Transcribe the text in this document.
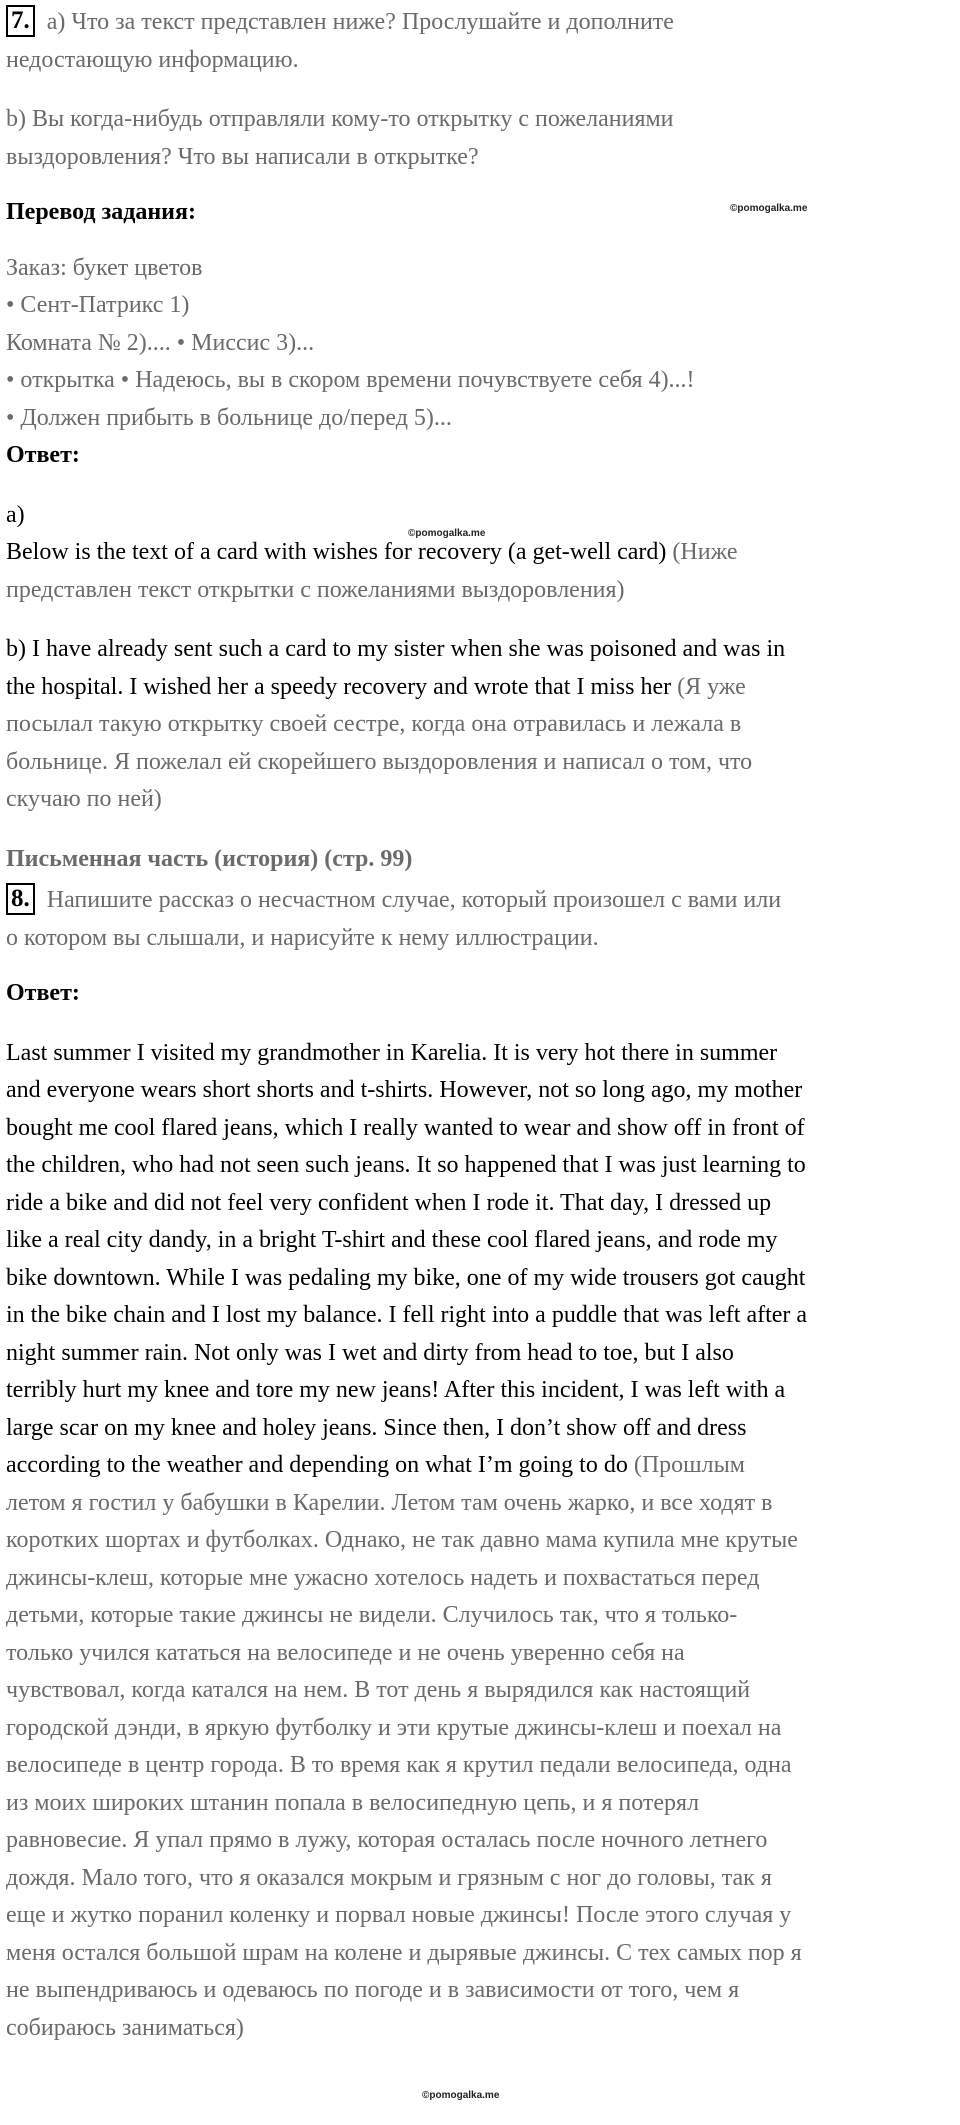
7. a) Что за текст представлен ниже? Прослушайте и дополните
недостающую информацию.
b) Вы когда-нибудь отправляли кому-то открытку с пожеланиями
выздоровления? Что вы написали в открытке?
Перевод задания:
Заказ: букет цветов
• Сент-Патрикс 1)
Комната № 2).... • Миссис 3)...
• открытка • Надеюсь, вы в скором времени почувствуете себя 4)...!
• Должен прибыть в больнице до/перед 5)...
Ответ:
a)
Below is the text of a card with wishes for recovery (a get-well card) (Ниже
представлен текст открытки с пожеланиями выздоровления)
b) I have already sent such a card to my sister when she was poisoned and was in
the hospital. I wished her a speedy recovery and wrote that I miss her (Я уже
посылал такую открытку своей сестре, когда она отравилась и лежала в
больнице. Я пожелал ей скорейшего выздоровления и написал о том, что
скучаю по ней)
Письменная часть (история) (стр. 99)
8. Напишите рассказ о несчастном случае, который произошел с вами или
о котором вы слышали, и нарисуйте к нему иллюстрации.
Ответ:
Last summer I visited my grandmother in Karelia. It is very hot there in summer
and everyone wears short shorts and t-shirts. However, not so long ago, my mother
bought me cool flared jeans, which I really wanted to wear and show off in front of
the children, who had not seen such jeans. It so happened that I was just learning to
ride a bike and did not feel very confident when I rode it. That day, I dressed up
like a real city dandy, in a bright T-shirt and these cool flared jeans, and rode my
bike downtown. While I was pedaling my bike, one of my wide trousers got caught
in the bike chain and I lost my balance. I fell right into a puddle that was left after a
night summer rain. Not only was I wet and dirty from head to toe, but I also
terribly hurt my knee and tore my new jeans! After this incident, I was left with a
large scar on my knee and holey jeans. Since then, I don’t show off and dress
according to the weather and depending on what I’m going to do (Прошлым
летом я гостил у бабушки в Карелии. Летом там очень жарко, и все ходят в
коротких шортах и футболках. Однако, не так давно мама купила мне крутые
джинсы-клеш, которые мне ужасно хотелось надеть и похвастаться перед
детьми, которые такие джинсы не видели. Случилось так, что я только-
только учился кататься на велосипеде и не очень уверенно себя на
чувствовал, когда катался на нем. В тот день я вырядился как настоящий
городской дэнди, в яркую футболку и эти крутые джинсы-клеш и поехал на
велосипеде в центр города. В то время как я крутил педали велосипеда, одна
из моих широких штанин попала в велосипедную цепь, и я потерял
равновесие. Я упал прямо в лужу, которая осталась после ночного летнего
дождя. Мало того, что я оказался мокрым и грязным с ног до головы, так я
еще и жутко поранил коленку и порвал новые джинсы! После этого случая у
меня остался большой шрам на колене и дырявые джинсы. С тех самых пор я
не выпендриваюсь и одеваюсь по погоде и в зависимости от того, чем я
собираюсь заниматься)
©pomogalka.me
©pomogalka.me
©pomogalka.me
